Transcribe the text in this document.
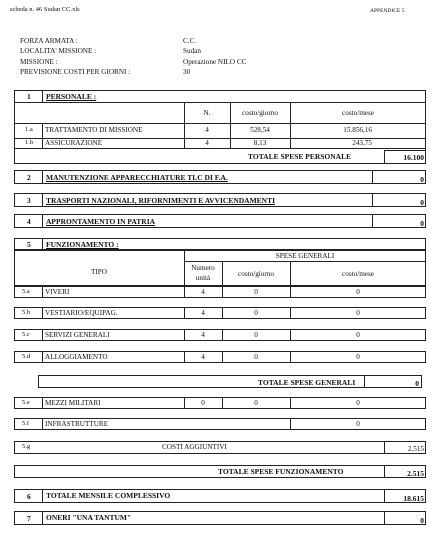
scheda n. 46 Sudan CC.xls	APPENDICE 5
FORZA ARMATA :	C.C.
LOCALITA' MISSIONE :	Sudan
MISSIONE :	Operazione NILO CC
PREVISIONE COSTI PER GIORNI :	30
1 PERSONALE :
N.	costo/giorno	costo/mese
1.a TRATTAMENTO DI MISSIONE	4	528,54	15.856,16
1.b ASSICURAZIONE	4	8,13	243,75
TOTALE SPESE PERSONALE	16.100
2 MANUTENZIONE APPARECCHIATURE TLC DI F.A.	0
3 TRASPORTI NAZIONALI, RIFORNIMENTI E AVVICENDAMENTI	0
4 APPRONTAMENTO IN PATRIA	0
5 FUNZIONAMENTO :
SPESE GENERALI
TIPO	Numero
unità	costo/giorno	costo/mese
5.a VIVERI	4	0	0
5.b VESTIARIO/EQUIPAG.	4	0	0
5.c SERVIZI GENERALI	4	0	0
5.d ALLOGGIAMENTO	4	0	0
TOTALE SPESE GENERALI	0
5.e MEZZI MILITARI	0	0	0
5.f INFRASTRUTTURE	0
5.g	COSTI AGGIUNTIVI	2.515
TOTALE SPESE FUNZIONAMENTO	2.515
6 TOTALE MENSILE COMPLESSIVO	18.615
7 ONERI "UNA TANTUM"	0
